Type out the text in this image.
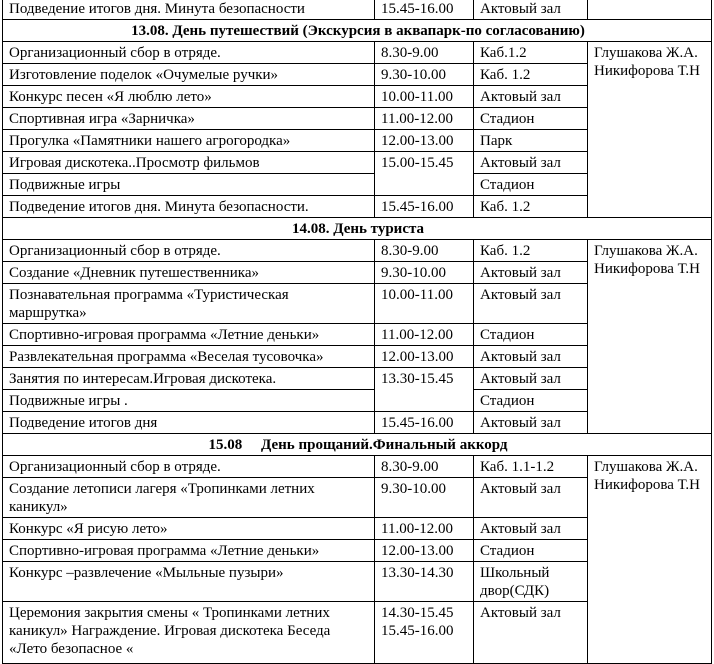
Подведение итогов дня. Минута безопасности	15.45-16.00	Актовый зал	
13.08. День путешествий (Экскурсия в аквапарк-по согласованию)			
Организационный сбор в отряде.	8.30-9.00	Каб.1.2	Глушакова Ж.А. Никифорова Т.Н
Изготовление поделок «Очумелые ручки»	9.30-10.00	Каб. 1.2	
Конкурс песен «Я люблю лето»	10.00-11.00	Актовый зал	
Спортивная игра «Зарничка»	11.00-12.00	Стадион	
Прогулка «Памятники нашего агрогородка»	12.00-13.00	Парк	
Игровая дискотека..Просмотр фильмов	15.00-15.45	Актовый зал	
Подвижные игры		Стадион	
Подведение итогов дня. Минута безопасности.	15.45-16.00	Каб. 1.2	
14.08. День туриста			
Организационный сбор в отряде.	8.30-9.00	Каб. 1.2	Глушакова Ж.А. Никифорова Т.Н
Создание «Дневник путешественника»	9.30-10.00	Актовый зал	
Познавательная программа «Туристическая маршрутка»	10.00-11.00	Актовый зал	
Спортивно-игровая программа «Летние деньки»	11.00-12.00	Стадион	
Развлекательная программа «Веселая тусовочка»	12.00-13.00	Актовый зал	
Занятия по интересам.Игровая дискотека.	13.30-15.45	Актовый зал	
Подвижные игры .		Стадион	
Подведение итогов дня	15.45-16.00	Актовый зал	
15.08     День прощаний.Финальный аккорд			
Организационный сбор в отряде.	8.30-9.00	Каб. 1.1-1.2	Глушакова Ж.А. Никифорова Т.Н
Создание летописи лагеря «Тропинками летних каникул»	9.30-10.00	Актовый зал	
Конкурс «Я рисую лето»	11.00-12.00	Актовый зал	
Спортивно-игровая программа «Летние деньки»	12.00-13.00	Стадион	
Конкурс –развлечение «Мыльные пузыри»	13.30-14.30	Школьный двор(СДК)	
Церемония закрытия смены « Тропинками летних каникул» Награждение. Игровая дискотека Беседа «Лето безопасное «	14.30-15.45 15.45-16.00	Актовый зал	
